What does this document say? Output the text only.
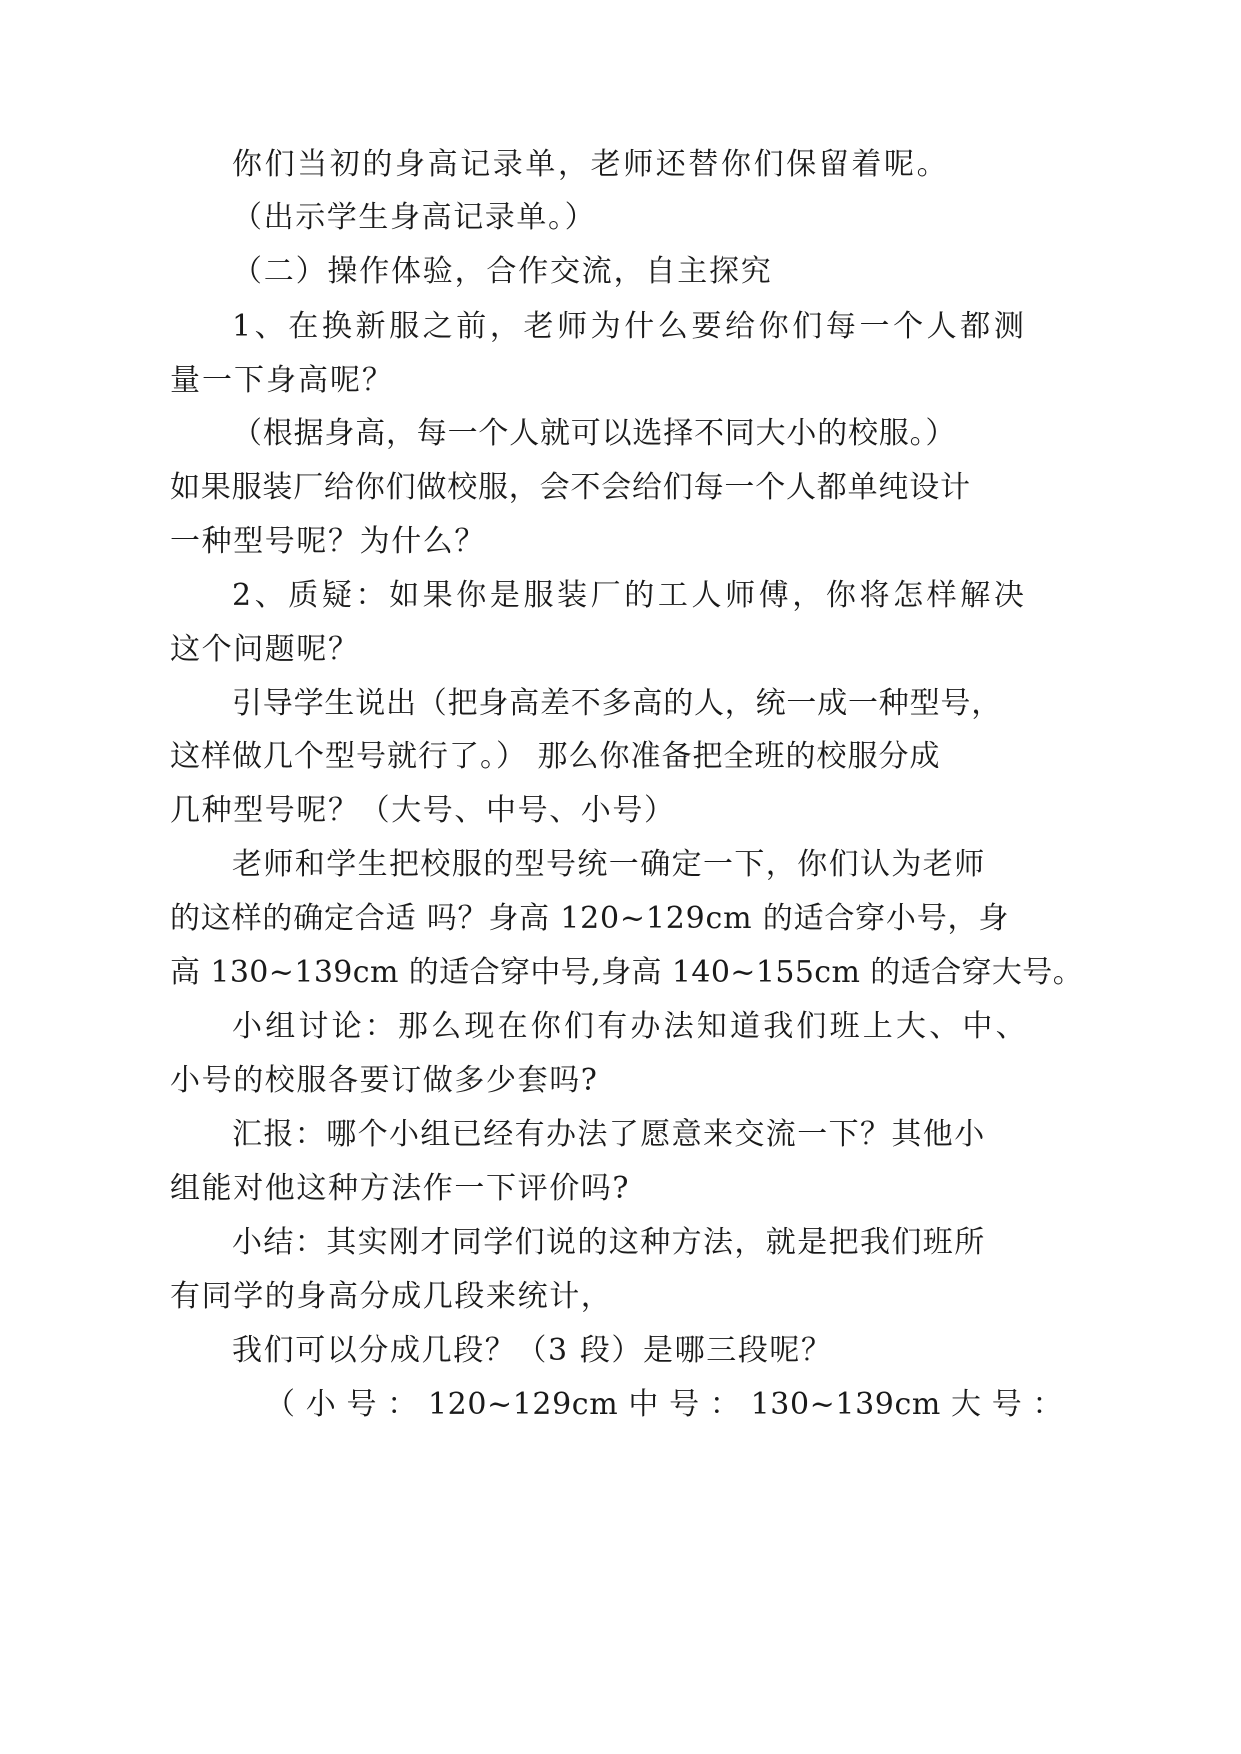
你们当初的身高记录单，老师还替你们保留着呢。

（出示学生身高记录单。）

（二）操作体验，合作交流，自主探究

1、在换新服之前，老师为什么要给你们每一个人都测

量一下身高呢？

（根据身高，每一个人就可以选择不同大小的校服。）

如果服装厂给你们做校服，会不会给们每一个人都单纯设计

一种型号呢？为什么？

2、质疑：如果你是服装厂的工人师傅，你将怎样解决

这个问题呢？

引导学生说出（把身高差不多高的人，统一成一种型号，

这样做几个型号就行了。） 那么你准备把全班的校服分成

几种型号呢？（大号、中号、小号）

老师和学生把校服的型号统一确定一下，你们认为老师

的这样的确定合适 吗？身高 120~129cm 的适合穿小号，身

高 130~139cm 的适合穿中号,身高 140~155cm 的适合穿大号。

小组讨论：那么现在你们有办法知道我们班上大、中、

小号的校服各要订做多少套吗?

汇报：哪个小组已经有办法了愿意来交流一下？其他小

组能对他这种方法作一下评价吗?

小结：其实刚才同学们说的这种方法，就是把我们班所

有同学的身高分成几段来统计，

我们可以分成几段？（3 段）是哪三段呢？

（ 小 号 ： 120~129cm 中 号 ： 130~139cm 大 号 ：
